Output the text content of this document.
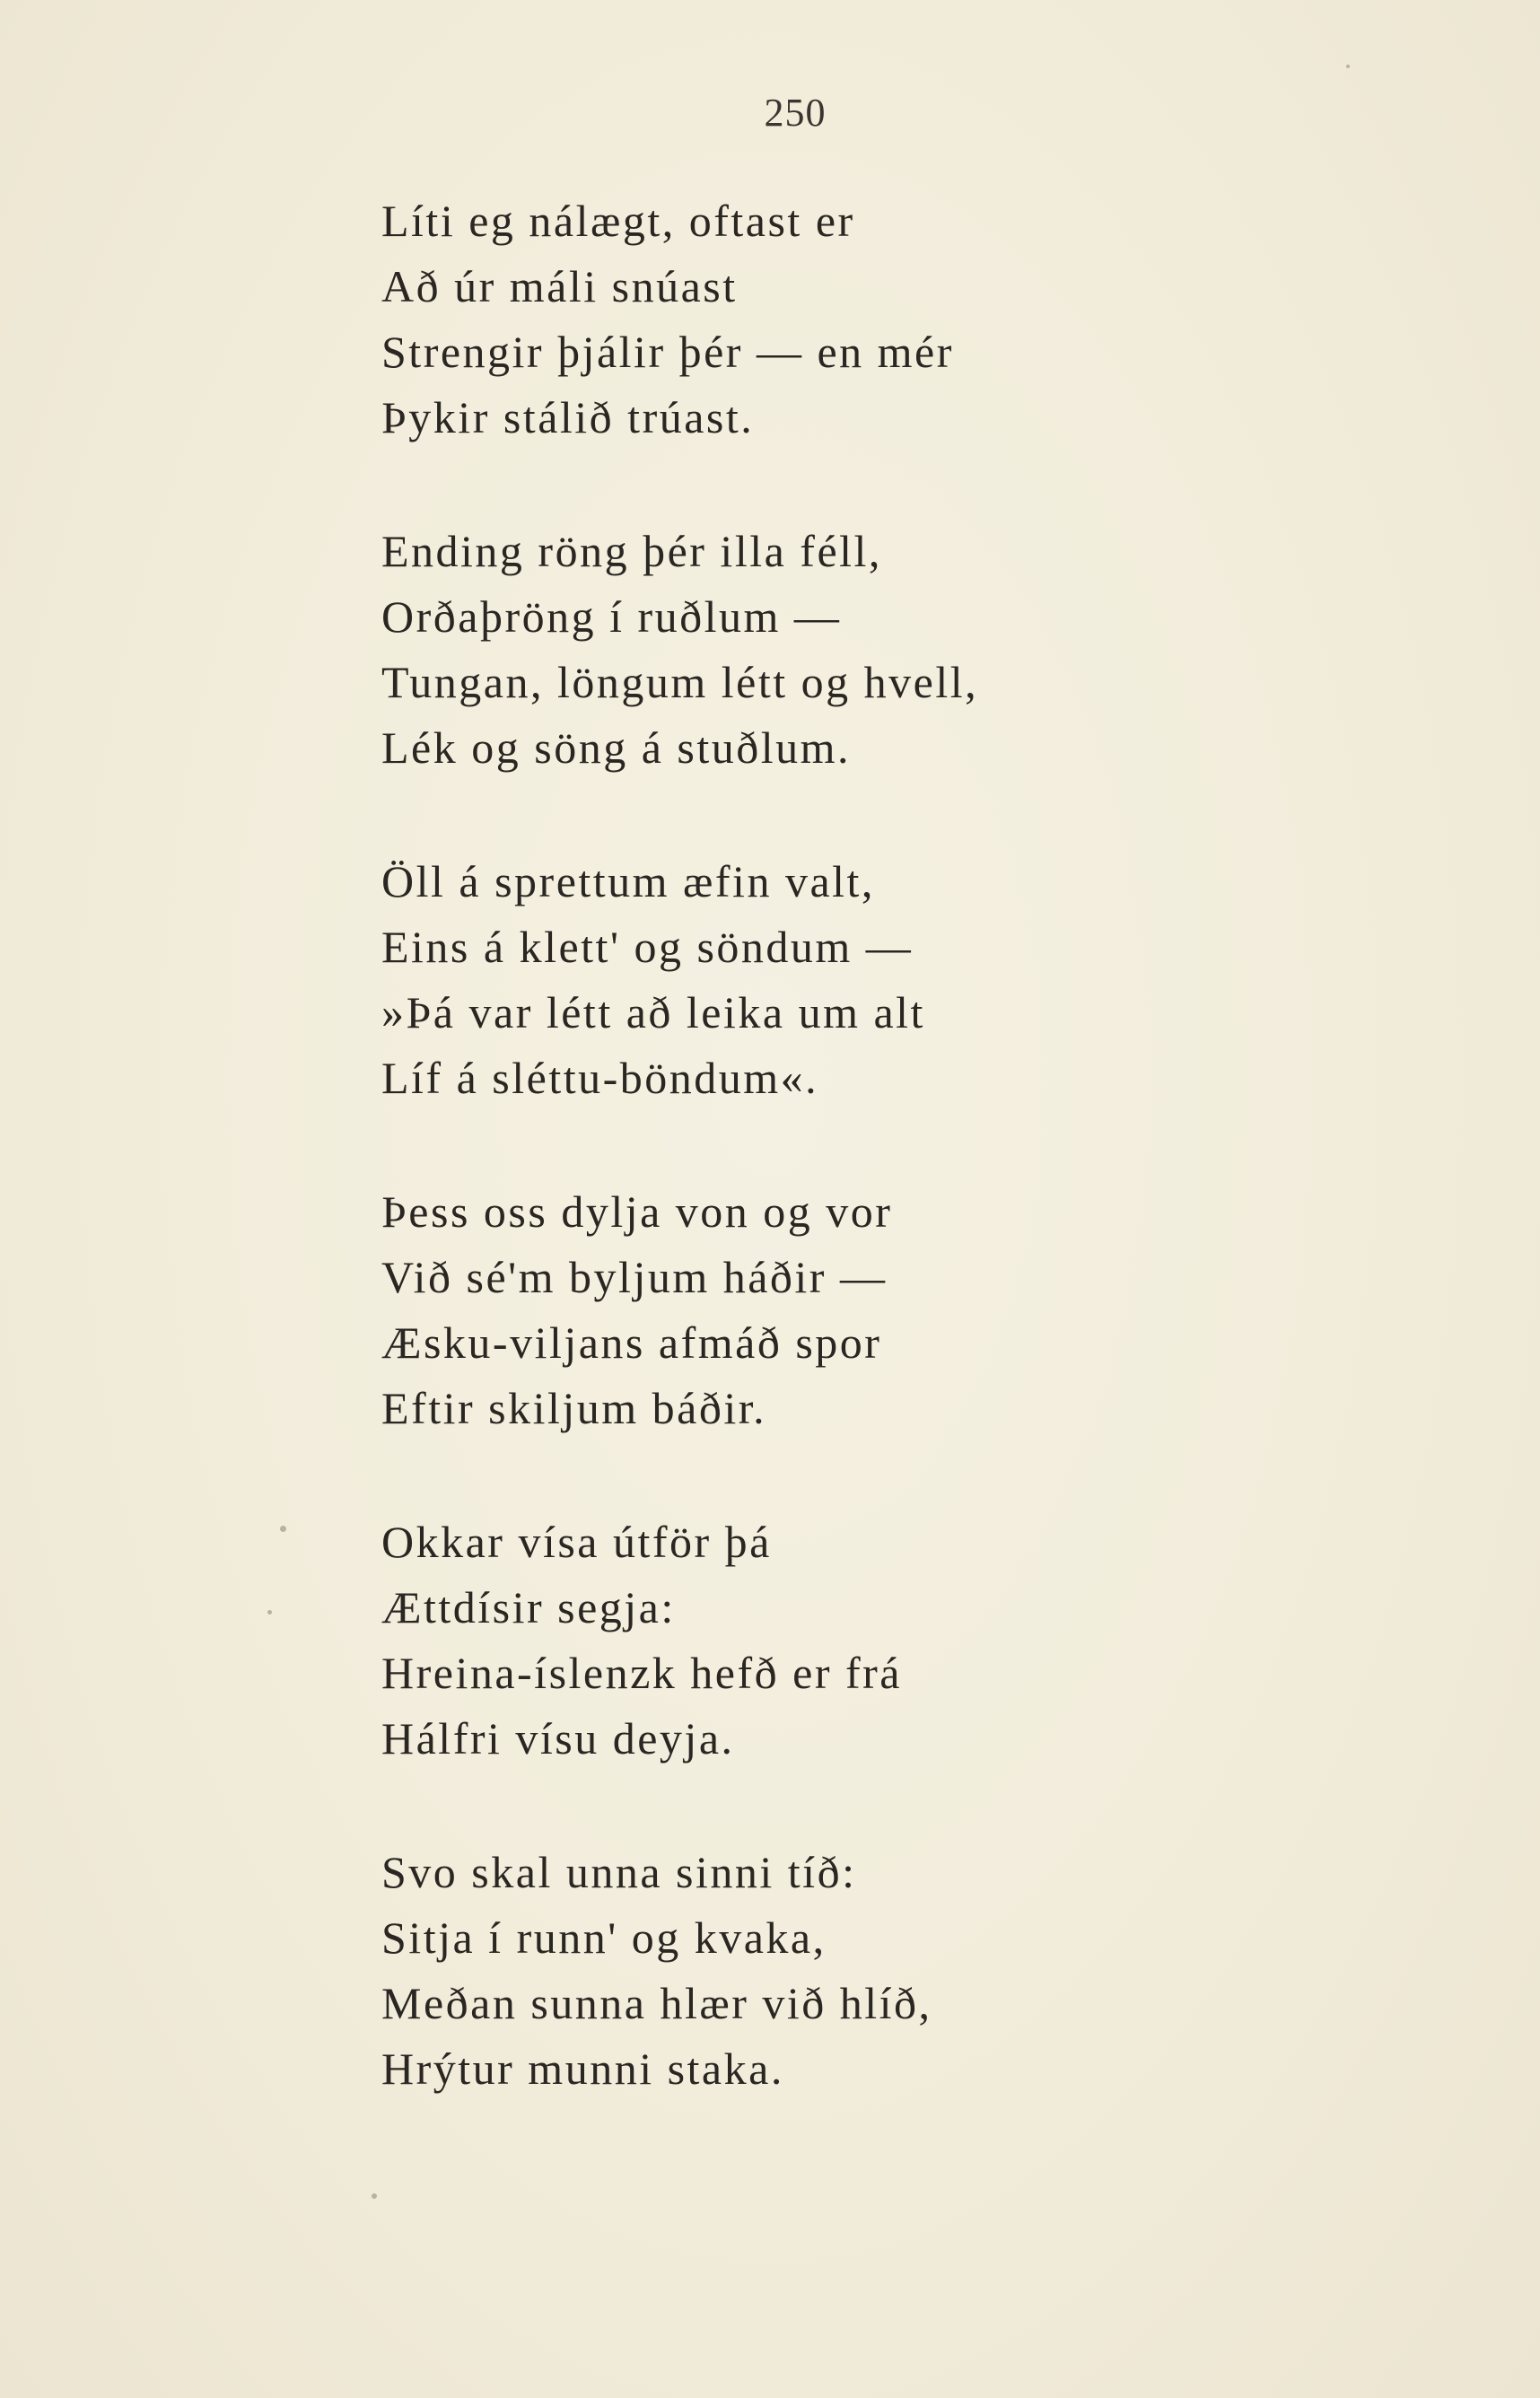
250
Líti eg nálægt, oftast er
Að úr máli snúast
Strengir þjálir þér — en mér
Þykir stálið trúast.
Ending röng þér illa féll,
Orðaþröng í ruðlum —
Tungan, löngum létt og hvell,
Lék og söng á stuðlum.
Öll á sprettum æfin valt,
Eins á klett' og söndum —
»Þá var létt að leika um alt
Líf á sléttu-böndum«.
Þess oss dylja von og vor
Við sé'm byljum háðir —
Æsku-viljans afmáð spor
Eftir skiljum báðir.
Okkar vísa útför þá
Ættdísir segja:
Hreina-íslenzk hefð er frá
Hálfri vísu deyja.
Svo skal unna sinni tíð:
Sitja í runn' og kvaka,
Meðan sunna hlær við hlíð,
Hrýtur munni staka.
